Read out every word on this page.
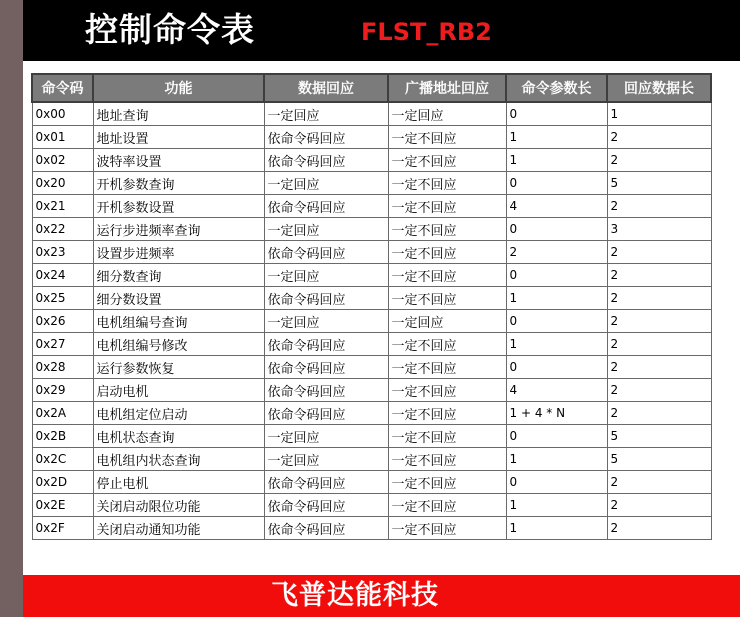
控制命令表	FLST_RB2
命令码	功能	数据回应	广播地址回应	命令参数长	回应数据长
0x00	地址查询	一定回应	一定回应	0	1
0x01	地址设置	依命令码回应	一定不回应	1	2
0x02	波特率设置	依命令码回应	一定不回应	1	2
0x20	开机参数查询	一定回应	一定不回应	0	5
0x21	开机参数设置	依命令码回应	一定不回应	4	2
0x22	运行步进频率查询	一定回应	一定不回应	0	3
0x23	设置步进频率	依命令码回应	一定不回应	2	2
0x24	细分数查询	一定回应	一定不回应	0	2
0x25	细分数设置	依命令码回应	一定不回应	1	2
0x26	电机组编号查询	一定回应	一定回应	0	2
0x27	电机组编号修改	依命令码回应	一定不回应	1	2
0x28	运行参数恢复	依命令码回应	一定不回应	0	2
0x29	启动电机	依命令码回应	一定不回应	4	2
0x2A	电机组定位启动	依命令码回应	一定不回应	1 + 4 * N	2
0x2B	电机状态查询	一定回应	一定不回应	0	5
0x2C	电机组内状态查询	一定回应	一定不回应	1	5
0x2D	停止电机	依命令码回应	一定不回应	0	2
0x2E	关闭启动限位功能	依命令码回应	一定不回应	1	2
0x2F	关闭启动通知功能	依命令码回应	一定不回应	1	2
飞普达能科技
